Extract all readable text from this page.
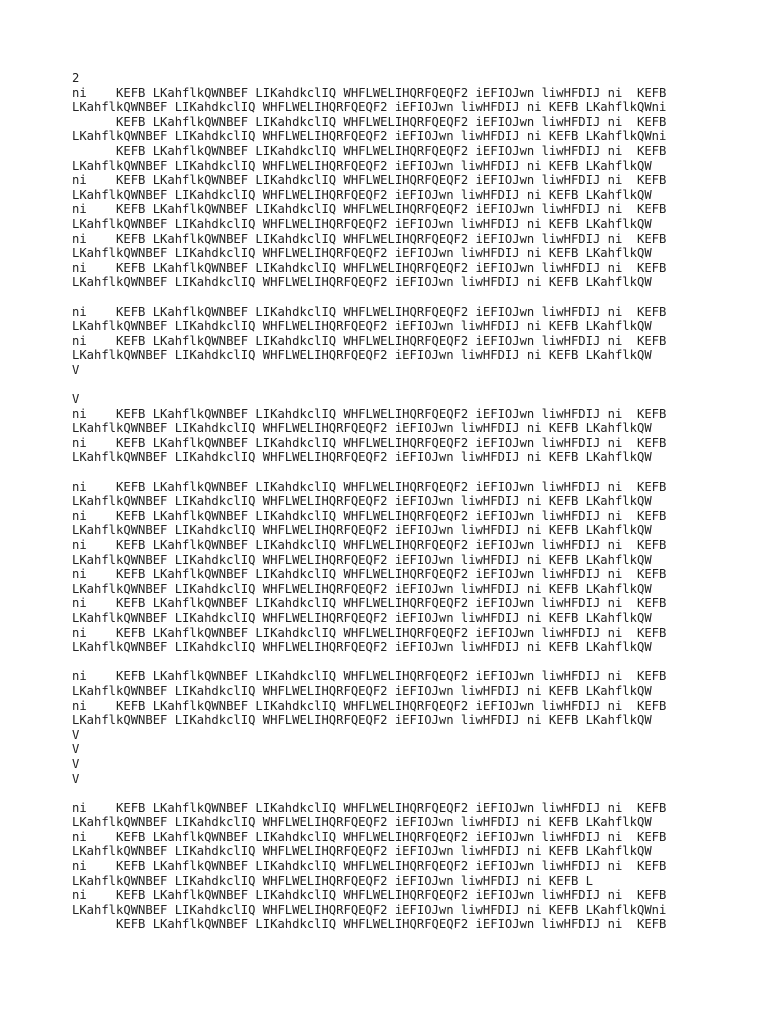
2
ni    KEFB LKahflkQWNBEF LIKahdkclIQ WHFLWELIHQRFQEQF2 iEFIOJwn liwHFDIJ ni  KEFB
LKahflkQWNBEF LIKahdkclIQ WHFLWELIHQRFQEQF2 iEFIOJwn liwHFDIJ ni KEFB LKahflkQWni
KEFB LKahflkQWNBEF LIKahdkclIQ WHFLWELIHQRFQEQF2 iEFIOJwn liwHFDIJ ni  KEFB
LKahflkQWNBEF LIKahdkclIQ WHFLWELIHQRFQEQF2 iEFIOJwn liwHFDIJ ni KEFB LKahflkQWni
KEFB LKahflkQWNBEF LIKahdkclIQ WHFLWELIHQRFQEQF2 iEFIOJwn liwHFDIJ ni  KEFB
LKahflkQWNBEF LIKahdkclIQ WHFLWELIHQRFQEQF2 iEFIOJwn liwHFDIJ ni KEFB LKahflkQW
ni    KEFB LKahflkQWNBEF LIKahdkclIQ WHFLWELIHQRFQEQF2 iEFIOJwn liwHFDIJ ni  KEFB
LKahflkQWNBEF LIKahdkclIQ WHFLWELIHQRFQEQF2 iEFIOJwn liwHFDIJ ni KEFB LKahflkQW
ni    KEFB LKahflkQWNBEF LIKahdkclIQ WHFLWELIHQRFQEQF2 iEFIOJwn liwHFDIJ ni  KEFB
LKahflkQWNBEF LIKahdkclIQ WHFLWELIHQRFQEQF2 iEFIOJwn liwHFDIJ ni KEFB LKahflkQW
ni    KEFB LKahflkQWNBEF LIKahdkclIQ WHFLWELIHQRFQEQF2 iEFIOJwn liwHFDIJ ni  KEFB
LKahflkQWNBEF LIKahdkclIQ WHFLWELIHQRFQEQF2 iEFIOJwn liwHFDIJ ni KEFB LKahflkQW
ni    KEFB LKahflkQWNBEF LIKahdkclIQ WHFLWELIHQRFQEQF2 iEFIOJwn liwHFDIJ ni  KEFB
LKahflkQWNBEF LIKahdkclIQ WHFLWELIHQRFQEQF2 iEFIOJwn liwHFDIJ ni KEFB LKahflkQW
ni    KEFB LKahflkQWNBEF LIKahdkclIQ WHFLWELIHQRFQEQF2 iEFIOJwn liwHFDIJ ni  KEFB
LKahflkQWNBEF LIKahdkclIQ WHFLWELIHQRFQEQF2 iEFIOJwn liwHFDIJ ni KEFB LKahflkQW
ni    KEFB LKahflkQWNBEF LIKahdkclIQ WHFLWELIHQRFQEQF2 iEFIOJwn liwHFDIJ ni  KEFB
LKahflkQWNBEF LIKahdkclIQ WHFLWELIHQRFQEQF2 iEFIOJwn liwHFDIJ ni KEFB LKahflkQW
V
V
ni    KEFB LKahflkQWNBEF LIKahdkclIQ WHFLWELIHQRFQEQF2 iEFIOJwn liwHFDIJ ni  KEFB
LKahflkQWNBEF LIKahdkclIQ WHFLWELIHQRFQEQF2 iEFIOJwn liwHFDIJ ni KEFB LKahflkQW
ni    KEFB LKahflkQWNBEF LIKahdkclIQ WHFLWELIHQRFQEQF2 iEFIOJwn liwHFDIJ ni  KEFB
LKahflkQWNBEF LIKahdkclIQ WHFLWELIHQRFQEQF2 iEFIOJwn liwHFDIJ ni KEFB LKahflkQW
ni    KEFB LKahflkQWNBEF LIKahdkclIQ WHFLWELIHQRFQEQF2 iEFIOJwn liwHFDIJ ni  KEFB
LKahflkQWNBEF LIKahdkclIQ WHFLWELIHQRFQEQF2 iEFIOJwn liwHFDIJ ni KEFB LKahflkQW
ni    KEFB LKahflkQWNBEF LIKahdkclIQ WHFLWELIHQRFQEQF2 iEFIOJwn liwHFDIJ ni  KEFB
LKahflkQWNBEF LIKahdkclIQ WHFLWELIHQRFQEQF2 iEFIOJwn liwHFDIJ ni KEFB LKahflkQW
ni    KEFB LKahflkQWNBEF LIKahdkclIQ WHFLWELIHQRFQEQF2 iEFIOJwn liwHFDIJ ni  KEFB
LKahflkQWNBEF LIKahdkclIQ WHFLWELIHQRFQEQF2 iEFIOJwn liwHFDIJ ni KEFB LKahflkQW
ni    KEFB LKahflkQWNBEF LIKahdkclIQ WHFLWELIHQRFQEQF2 iEFIOJwn liwHFDIJ ni  KEFB
LKahflkQWNBEF LIKahdkclIQ WHFLWELIHQRFQEQF2 iEFIOJwn liwHFDIJ ni KEFB LKahflkQW
ni    KEFB LKahflkQWNBEF LIKahdkclIQ WHFLWELIHQRFQEQF2 iEFIOJwn liwHFDIJ ni  KEFB
LKahflkQWNBEF LIKahdkclIQ WHFLWELIHQRFQEQF2 iEFIOJwn liwHFDIJ ni KEFB LKahflkQW
ni    KEFB LKahflkQWNBEF LIKahdkclIQ WHFLWELIHQRFQEQF2 iEFIOJwn liwHFDIJ ni  KEFB
LKahflkQWNBEF LIKahdkclIQ WHFLWELIHQRFQEQF2 iEFIOJwn liwHFDIJ ni KEFB LKahflkQW
ni    KEFB LKahflkQWNBEF LIKahdkclIQ WHFLWELIHQRFQEQF2 iEFIOJwn liwHFDIJ ni  KEFB
LKahflkQWNBEF LIKahdkclIQ WHFLWELIHQRFQEQF2 iEFIOJwn liwHFDIJ ni KEFB LKahflkQW
ni    KEFB LKahflkQWNBEF LIKahdkclIQ WHFLWELIHQRFQEQF2 iEFIOJwn liwHFDIJ ni  KEFB
LKahflkQWNBEF LIKahdkclIQ WHFLWELIHQRFQEQF2 iEFIOJwn liwHFDIJ ni KEFB LKahflkQW
V
V
V
V
ni    KEFB LKahflkQWNBEF LIKahdkclIQ WHFLWELIHQRFQEQF2 iEFIOJwn liwHFDIJ ni  KEFB
LKahflkQWNBEF LIKahdkclIQ WHFLWELIHQRFQEQF2 iEFIOJwn liwHFDIJ ni KEFB LKahflkQW
ni    KEFB LKahflkQWNBEF LIKahdkclIQ WHFLWELIHQRFQEQF2 iEFIOJwn liwHFDIJ ni  KEFB
LKahflkQWNBEF LIKahdkclIQ WHFLWELIHQRFQEQF2 iEFIOJwn liwHFDIJ ni KEFB LKahflkQW
ni    KEFB LKahflkQWNBEF LIKahdkclIQ WHFLWELIHQRFQEQF2 iEFIOJwn liwHFDIJ ni  KEFB
LKahflkQWNBEF LIKahdkclIQ WHFLWELIHQRFQEQF2 iEFIOJwn liwHFDIJ ni KEFB L
ni    KEFB LKahflkQWNBEF LIKahdkclIQ WHFLWELIHQRFQEQF2 iEFIOJwn liwHFDIJ ni  KEFB
LKahflkQWNBEF LIKahdkclIQ WHFLWELIHQRFQEQF2 iEFIOJwn liwHFDIJ ni KEFB LKahflkQWni
KEFB LKahflkQWNBEF LIKahdkclIQ WHFLWELIHQRFQEQF2 iEFIOJwn liwHFDIJ ni  KEFB
